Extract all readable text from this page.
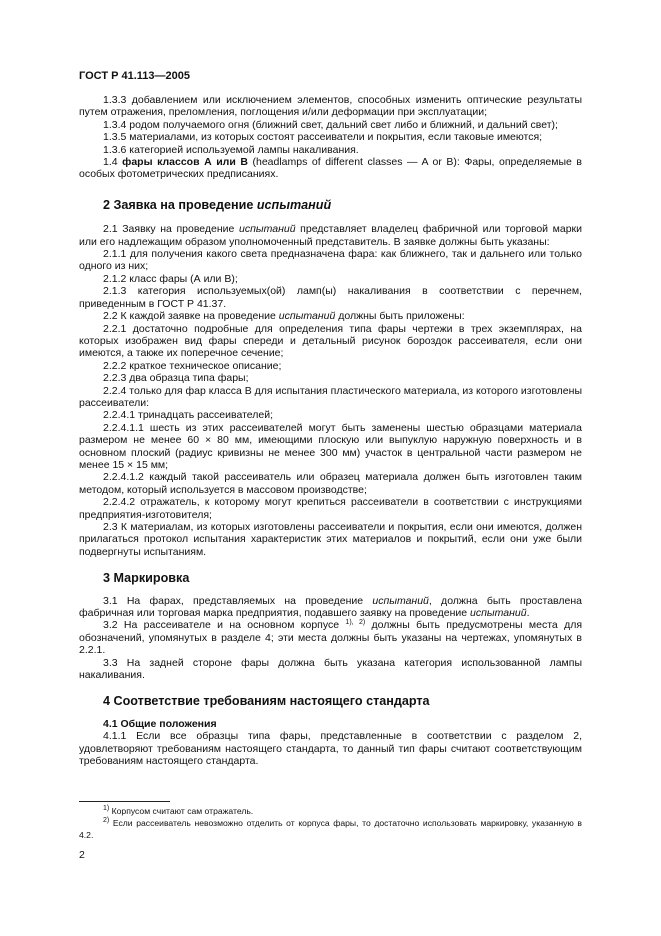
ГОСТ Р 41.113—2005

1.3.3 добавлением или исключением элементов, способных изменить оптические результаты путем отражения, преломления, поглощения и/или деформации при эксплуатации;

1.3.4 родом получаемого огня (ближний свет, дальний свет либо и ближний, и дальний свет);

1.3.5 материалами, из которых состоят рассеиватели и покрытия, если таковые имеются;

1.3.6 категорией используемой лампы накаливания.

1.4 фары классов А или В (headlamps of different classes — A or B): Фары, определяемые в особых фотометрических предписаниях.

2 Заявка на проведение испытаний

2.1 Заявку на проведение испытаний представляет владелец фабричной или торговой марки или его надлежащим образом уполномоченный представитель. В заявке должны быть указаны:

2.1.1 для получения какого света предназначена фара: как ближнего, так и дальнего или только одного из них;

2.1.2 класс фары (А или В);

2.1.3 категория используемых(ой) ламп(ы) накаливания в соответствии с перечнем, приведенным в ГОСТ Р 41.37.

2.2 К каждой заявке на проведение испытаний должны быть приложены:

2.2.1 достаточно подробные для определения типа фары чертежи в трех экземплярах, на которых изображен вид фары спереди и детальный рисунок бороздок рассеивателя, если они имеются, а также их поперечное сечение;

2.2.2 краткое техническое описание;

2.2.3 два образца типа фары;

2.2.4 только для фар класса В для испытания пластического материала, из которого изготовлены рассеиватели:

2.2.4.1 тринадцать рассеивателей;

2.2.4.1.1 шесть из этих рассеивателей могут быть заменены шестью образцами материала размером не менее 60 × 80 мм, имеющими плоскую или выпуклую наружную поверхность и в основном плоский (радиус кривизны не менее 300 мм) участок в центральной части размером не менее 15 × 15 мм;

2.2.4.1.2 каждый такой рассеиватель или образец материала должен быть изготовлен таким методом, который используется в массовом производстве;

2.2.4.2 отражатель, к которому могут крепиться рассеиватели в соответствии с инструкциями предприятия-изготовителя;

2.3 К материалам, из которых изготовлены рассеиватели и покрытия, если они имеются, должен прилагаться протокол испытания характеристик этих материалов и покрытий, если они уже были подвергнуты испытаниям.

3 Маркировка

3.1 На фарах, представляемых на проведение испытаний, должна быть проставлена фабричная или торговая марка предприятия, подавшего заявку на проведение испытаний.

3.2 На рассеивателе и на основном корпусе $^{1), 2)}$ должны быть предусмотрены места для обозначений, упомянутых в разделе 4; эти места должны быть указаны на чертежах, упомянутых в 2.2.1.

3.3 На задней стороне фары должна быть указана категория использованной лампы накаливания.

4 Соответствие требованиям настоящего стандарта

4.1 Общие положения

4.1.1 Если все образцы типа фары, представленные в соответствии с разделом 2, удовлетворяют требованиям настоящего стандарта, то данный тип фары считают соответствующим требованиям настоящего стандарта.

$^{1)}$ Корпусом считают сам отражатель.

$^{2)}$ Если рассеиватель невозможно отделить от корпуса фары, то достаточно использовать маркировку, указанную в 4.2.

2
